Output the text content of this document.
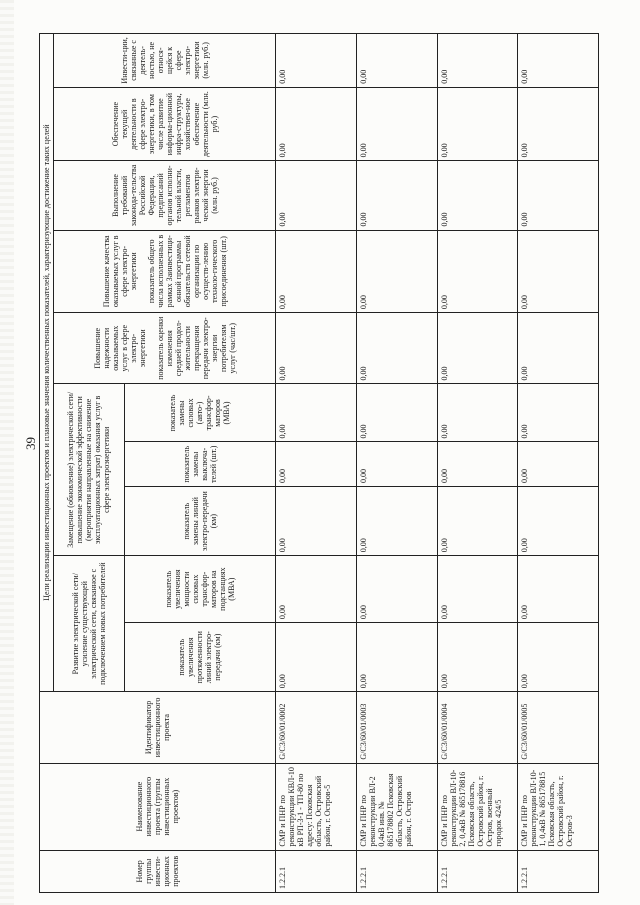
39
Номер группы инвести-ционных проектов	Наименование инвестиционного проекта (группы инвестиционных проектов)	Идентификатор инвестиционного проекта	Цели реализации инвестиционных проектов и плановые значения количественных показателей, характеризующие достижение таких целей									
			Развитие электрической сети/усиление существующей электрической сети, связанное с подключением новых потребителей		Замещение (обновление) электрической сети/повышение экономической эффективности (мероприятия направленные на снижение эксплуатационных затрат) оказания услуг в сфере электроэнергетики			Повышение надежности оказываемых услуг в сфере электро-энергетики показатель оценки изменения средней продол-жительности прекращения передачи электро-энергии потребителям услуг (час/шт.)	Повышение качества оказываемых услуг в сфере электро-энергетики показатель общего числа исполненных в рамках Заинвестици-онной программы обязательств сетевой организации по осуществ-лению техноло-гического присоединения (шт.)	Выполнение требований законода-тельства Российской Федерации, предписаний органов исполни-тельной власти, регламентов рынков электри-ческой энергии (млн. руб.)	Обеспечение текущей деятельности в сфере электро-энергетики, в том числе развитие информа-ционной инфра-структуры, хозяйствен-ное обеспечение деятельности (млн. руб.)	Инвести-ции, связанные с деятель-ностью, не относя-щейся к сфере электро-энергетики (млн. руб.)
			показатель увеличения протяженности линий электро-передачи (км)	показатель увеличения мощности силовых трансфор-маторов на подстанциях (МВА)	показатель замены линий электро-передачи (км)	показатель замены выключа-телей (шт.)	показатель замены силовых (авто-) трансфор-маторов (МВА)					
1.2.2.1	СМР и ПНР по реконструкции КВЛ-10 кВ РП-3-1 - ТП-80 по адресу: Псковская область, Островский район, г. Остров-5	G/C3/60/01/0002	0,00	0,00	0,00	0,00	0,00	0,00	0,00	0,00	0,00	0,00
1.2.2.1	СМР и ПНР по реконструкции ВЛ-2 0,4кВ инв. № 865178802 Псковская область, Островский район, г. Остров	G/C3/60/01/0003	0,00	0,00	0,00	0,00	0,00	0,00	0,00	0,00	0,00	0,00
1.2.2.1	СМР и ПНР по реконструкции ВЛ-10-2, 0,4кВ № 865178816 Псковская область, Островский район, г. Остров, военный городок 424/5	G/C3/60/01/0004	0,00	0,00	0,00	0,00	0,00	0,00	0,00	0,00	0,00	0,00
1.2.2.1	СМР и ПНР по реконструкции ВЛ-10-1, 0,4кВ № 865178815 Псковская область, Островский район, г. Остров-3	G/C3/60/01/0005	0,00	0,00	0,00	0,00	0,00	0,00	0,00	0,00	0,00	0,00
